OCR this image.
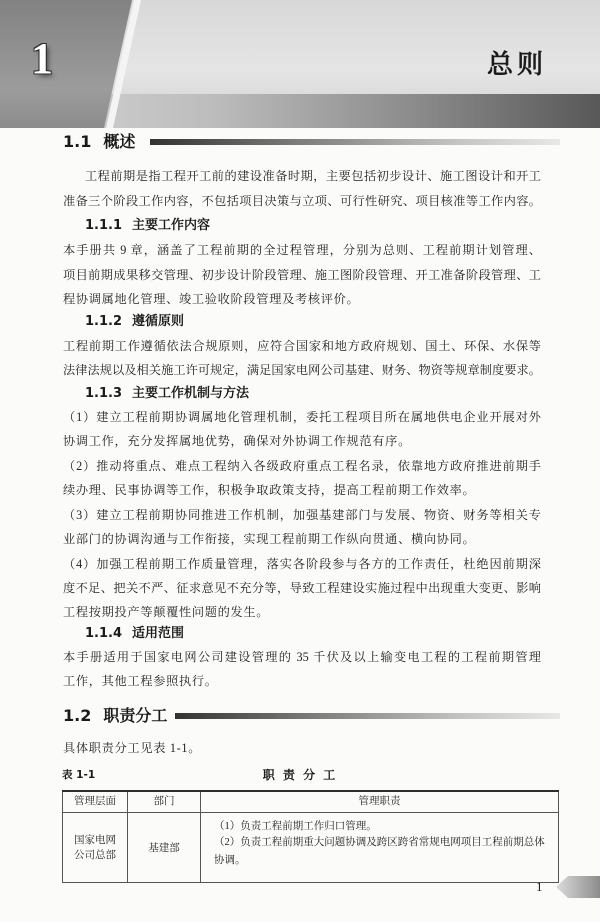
1	总则
1.1 概述
工程前期是指工程开工前的建设准备时期，主要包括初步设计、施工图设计和开工
准备三个阶段工作内容，不包括项目决策与立项、可行性研究、项目核准等工作内容。
1.1.1 主要工作内容
本手册共 9 章，涵盖了工程前期的全过程管理，分别为总则、工程前期计划管理、
项目前期成果移交管理、初步设计阶段管理、施工图阶段管理、开工准备阶段管理、工
程协调属地化管理、竣工验收阶段管理及考核评价。
1.1.2 遵循原则
工程前期工作遵循依法合规原则，应符合国家和地方政府规划、国土、环保、水保等
法律法规以及相关施工许可规定，满足国家电网公司基建、财务、物资等规章制度要求。
1.1.3 主要工作机制与方法
（1）建立工程前期协调属地化管理机制，委托工程项目所在属地供电企业开展对外
协调工作，充分发挥属地优势，确保对外协调工作规范有序。
（2）推动将重点、难点工程纳入各级政府重点工程名录，依靠地方政府推进前期手
续办理、民事协调等工作，积极争取政策支持，提高工程前期工作效率。
（3）建立工程前期协同推进工作机制，加强基建部门与发展、物资、财务等相关专
业部门的协调沟通与工作衔接，实现工程前期工作纵向贯通、横向协同。
（4）加强工程前期工作质量管理，落实各阶段参与各方的工作责任，杜绝因前期深
度不足、把关不严、征求意见不充分等，导致工程建设实施过程中出现重大变更、影响
工程按期投产等颠覆性问题的发生。
1.1.4 适用范围
本手册适用于国家电网公司建设管理的 35 千伏及以上输变电工程的工程前期管理
工作，其他工程参照执行。
1.2 职责分工
具体职责分工见表 1-1。
表 1-1	职 责 分 工
管理层面	部门	管理职责
国家电网公司总部	基建部	（1）负责工程前期工作归口管理。
（2）负责工程前期重大问题协调及跨区跨省常规电网项目工程前期总体
协调。
1
